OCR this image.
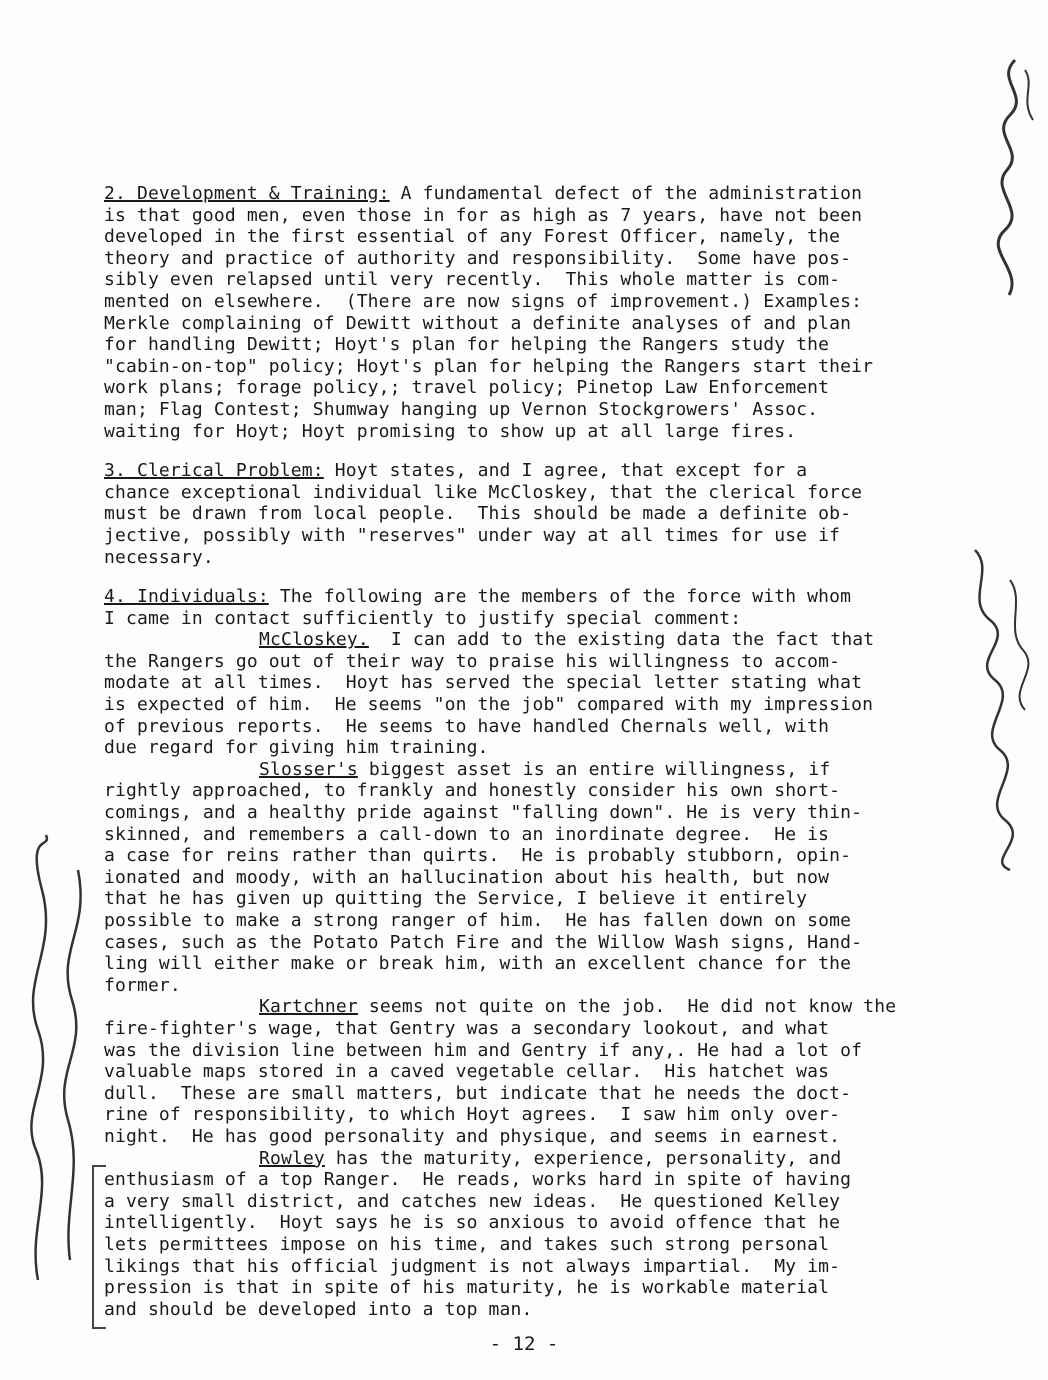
2. Development & Training: A fundamental defect of the administration
is that good men, even those in for as high as 7 years, have not been
developed in the first essential of any Forest Officer, namely, the
theory and practice of authority and responsibility.  Some have pos-
sibly even relapsed until very recently.  This whole matter is com-
mented on elsewhere.  (There are now signs of improvement.) Examples:
Merkle complaining of Dewitt without a definite analyses of and plan
for handling Dewitt; Hoyt's plan for helping the Rangers study the
"cabin-on-top" policy; Hoyt's plan for helping the Rangers start their
work plans; forage policy,; travel policy; Pinetop Law Enforcement
man; Flag Contest; Shumway hanging up Vernon Stockgrowers' Assoc.
waiting for Hoyt; Hoyt promising to show up at all large fires.
3. Clerical Problem: Hoyt states, and I agree, that except for a
chance exceptional individual like McCloskey, that the clerical force
must be drawn from local people.  This should be made a definite ob-
jective, possibly with "reserves" under way at all times for use if
necessary.
4. Individuals: The following are the members of the force with whom
I came in contact sufficiently to justify special comment:
McCloskey. I can add to the existing data the fact that
the Rangers go out of their way to praise his willingness to accom-
modate at all times.  Hoyt has served the special letter stating what
is expected of him.  He seems "on the job" compared with my impression
of previous reports.  He seems to have handled Chernals well, with
due regard for giving him training.
Slosser's biggest asset is an entire willingness, if
rightly approached, to frankly and honestly consider his own short-
comings, and a healthy pride against "falling down". He is very thin-
skinned, and remembers a call-down to an inordinate degree.  He is
a case for reins rather than quirts.  He is probably stubborn, opin-
ionated and moody, with an hallucination about his health, but now
that he has given up quitting the Service, I believe it entirely
possible to make a strong ranger of him.  He has fallen down on some
cases, such as the Potato Patch Fire and the Willow Wash signs, Hand-
ling will either make or break him, with an excellent chance for the
former.
Kartchner seems not quite on the job.  He did not know the
fire-fighter's wage, that Gentry was a secondary lookout, and what
was the division line between him and Gentry if any,. He had a lot of
valuable maps stored in a caved vegetable cellar.  His hatchet was
dull.  These are small matters, but indicate that he needs the doct-
rine of responsibility, to which Hoyt agrees.  I saw him only over-
night.  He has good personality and physique, and seems in earnest.
Rowley has the maturity, experience, personality, and
enthusiasm of a top Ranger.  He reads, works hard in spite of having
a very small district, and catches new ideas.  He questioned Kelley
intelligently.  Hoyt says he is so anxious to avoid offence that he
lets permittees impose on his time, and takes such strong personal
likings that his official judgment is not always impartial.  My im-
pression is that in spite of his maturity, he is workable material
and should be developed into a top man.
- 12 -
